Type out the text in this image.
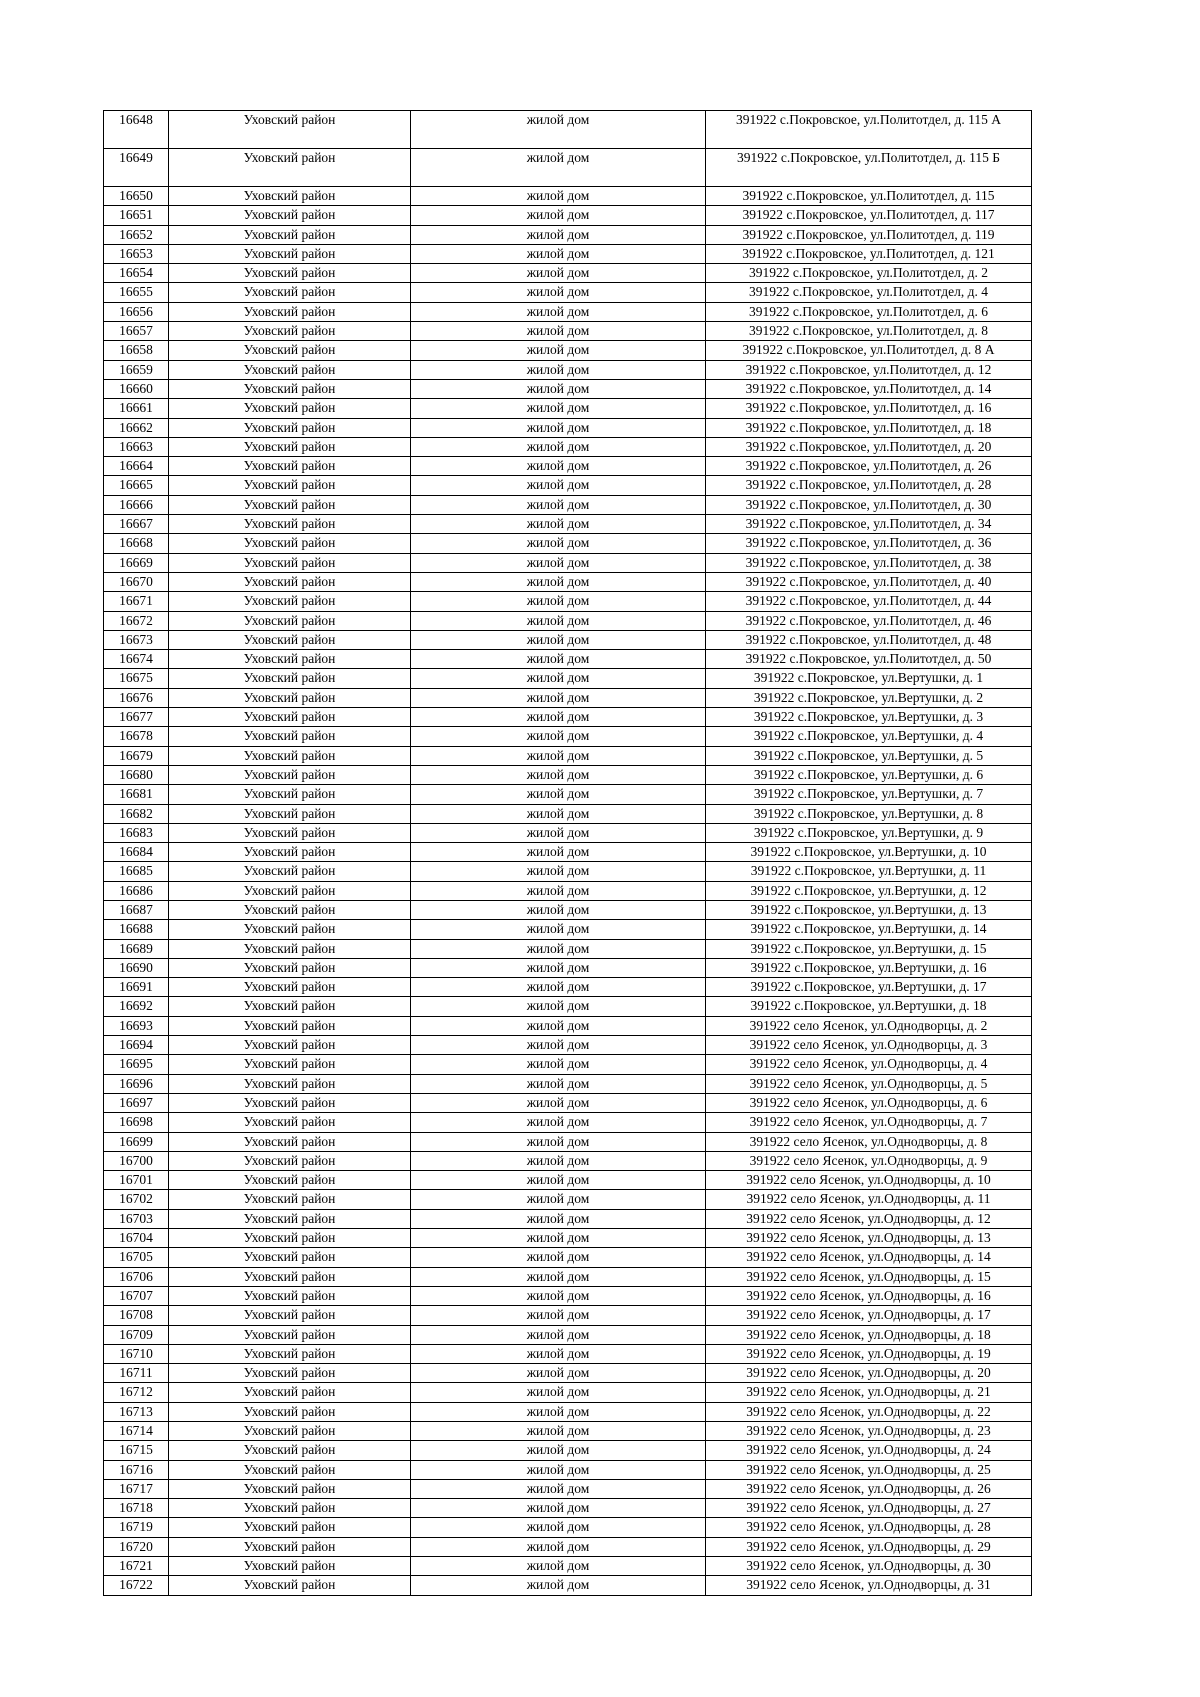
16648	Уховский район	жилой дом	391922 с.Покровское, ул.Политотдел, д. 115 А
16649	Уховский район	жилой дом	391922 с.Покровское, ул.Политотдел, д. 115 Б
16650	Уховский район	жилой дом	391922 с.Покровское, ул.Политотдел, д. 115
16651	Уховский район	жилой дом	391922 с.Покровское, ул.Политотдел, д. 117
16652	Уховский район	жилой дом	391922 с.Покровское, ул.Политотдел, д. 119
16653	Уховский район	жилой дом	391922 с.Покровское, ул.Политотдел, д. 121
16654	Уховский район	жилой дом	391922 с.Покровское, ул.Политотдел, д. 2
16655	Уховский район	жилой дом	391922 с.Покровское, ул.Политотдел, д. 4
16656	Уховский район	жилой дом	391922 с.Покровское, ул.Политотдел, д. 6
16657	Уховский район	жилой дом	391922 с.Покровское, ул.Политотдел, д. 8
16658	Уховский район	жилой дом	391922 с.Покровское, ул.Политотдел, д. 8 А
16659	Уховский район	жилой дом	391922 с.Покровское, ул.Политотдел, д. 12
16660	Уховский район	жилой дом	391922 с.Покровское, ул.Политотдел, д. 14
16661	Уховский район	жилой дом	391922 с.Покровское, ул.Политотдел, д. 16
16662	Уховский район	жилой дом	391922 с.Покровское, ул.Политотдел, д. 18
16663	Уховский район	жилой дом	391922 с.Покровское, ул.Политотдел, д. 20
16664	Уховский район	жилой дом	391922 с.Покровское, ул.Политотдел, д. 26
16665	Уховский район	жилой дом	391922 с.Покровское, ул.Политотдел, д. 28
16666	Уховский район	жилой дом	391922 с.Покровское, ул.Политотдел, д. 30
16667	Уховский район	жилой дом	391922 с.Покровское, ул.Политотдел, д. 34
16668	Уховский район	жилой дом	391922 с.Покровское, ул.Политотдел, д. 36
16669	Уховский район	жилой дом	391922 с.Покровское, ул.Политотдел, д. 38
16670	Уховский район	жилой дом	391922 с.Покровское, ул.Политотдел, д. 40
16671	Уховский район	жилой дом	391922 с.Покровское, ул.Политотдел, д. 44
16672	Уховский район	жилой дом	391922 с.Покровское, ул.Политотдел, д. 46
16673	Уховский район	жилой дом	391922 с.Покровское, ул.Политотдел, д. 48
16674	Уховский район	жилой дом	391922 с.Покровское, ул.Политотдел, д. 50
16675	Уховский район	жилой дом	391922 с.Покровское, ул.Вертушки, д. 1
16676	Уховский район	жилой дом	391922 с.Покровское, ул.Вертушки, д. 2
16677	Уховский район	жилой дом	391922 с.Покровское, ул.Вертушки, д. 3
16678	Уховский район	жилой дом	391922 с.Покровское, ул.Вертушки, д. 4
16679	Уховский район	жилой дом	391922 с.Покровское, ул.Вертушки, д. 5
16680	Уховский район	жилой дом	391922 с.Покровское, ул.Вертушки, д. 6
16681	Уховский район	жилой дом	391922 с.Покровское, ул.Вертушки, д. 7
16682	Уховский район	жилой дом	391922 с.Покровское, ул.Вертушки, д. 8
16683	Уховский район	жилой дом	391922 с.Покровское, ул.Вертушки, д. 9
16684	Уховский район	жилой дом	391922 с.Покровское, ул.Вертушки, д. 10
16685	Уховский район	жилой дом	391922 с.Покровское, ул.Вертушки, д. 11
16686	Уховский район	жилой дом	391922 с.Покровское, ул.Вертушки, д. 12
16687	Уховский район	жилой дом	391922 с.Покровское, ул.Вертушки, д. 13
16688	Уховский район	жилой дом	391922 с.Покровское, ул.Вертушки, д. 14
16689	Уховский район	жилой дом	391922 с.Покровское, ул.Вертушки, д. 15
16690	Уховский район	жилой дом	391922 с.Покровское, ул.Вертушки, д. 16
16691	Уховский район	жилой дом	391922 с.Покровское, ул.Вертушки, д. 17
16692	Уховский район	жилой дом	391922 с.Покровское, ул.Вертушки, д. 18
16693	Уховский район	жилой дом	391922 село Ясенок, ул.Однодворцы, д. 2
16694	Уховский район	жилой дом	391922 село Ясенок, ул.Однодворцы, д. 3
16695	Уховский район	жилой дом	391922 село Ясенок, ул.Однодворцы, д. 4
16696	Уховский район	жилой дом	391922 село Ясенок, ул.Однодворцы, д. 5
16697	Уховский район	жилой дом	391922 село Ясенок, ул.Однодворцы, д. 6
16698	Уховский район	жилой дом	391922 село Ясенок, ул.Однодворцы, д. 7
16699	Уховский район	жилой дом	391922 село Ясенок, ул.Однодворцы, д. 8
16700	Уховский район	жилой дом	391922 село Ясенок, ул.Однодворцы, д. 9
16701	Уховский район	жилой дом	391922 село Ясенок, ул.Однодворцы, д. 10
16702	Уховский район	жилой дом	391922 село Ясенок, ул.Однодворцы, д. 11
16703	Уховский район	жилой дом	391922 село Ясенок, ул.Однодворцы, д. 12
16704	Уховский район	жилой дом	391922 село Ясенок, ул.Однодворцы, д. 13
16705	Уховский район	жилой дом	391922 село Ясенок, ул.Однодворцы, д. 14
16706	Уховский район	жилой дом	391922 село Ясенок, ул.Однодворцы, д. 15
16707	Уховский район	жилой дом	391922 село Ясенок, ул.Однодворцы, д. 16
16708	Уховский район	жилой дом	391922 село Ясенок, ул.Однодворцы, д. 17
16709	Уховский район	жилой дом	391922 село Ясенок, ул.Однодворцы, д. 18
16710	Уховский район	жилой дом	391922 село Ясенок, ул.Однодворцы, д. 19
16711	Уховский район	жилой дом	391922 село Ясенок, ул.Однодворцы, д. 20
16712	Уховский район	жилой дом	391922 село Ясенок, ул.Однодворцы, д. 21
16713	Уховский район	жилой дом	391922 село Ясенок, ул.Однодворцы, д. 22
16714	Уховский район	жилой дом	391922 село Ясенок, ул.Однодворцы, д. 23
16715	Уховский район	жилой дом	391922 село Ясенок, ул.Однодворцы, д. 24
16716	Уховский район	жилой дом	391922 село Ясенок, ул.Однодворцы, д. 25
16717	Уховский район	жилой дом	391922 село Ясенок, ул.Однодворцы, д. 26
16718	Уховский район	жилой дом	391922 село Ясенок, ул.Однодворцы, д. 27
16719	Уховский район	жилой дом	391922 село Ясенок, ул.Однодворцы, д. 28
16720	Уховский район	жилой дом	391922 село Ясенок, ул.Однодворцы, д. 29
16721	Уховский район	жилой дом	391922 село Ясенок, ул.Однодворцы, д. 30
16722	Уховский район	жилой дом	391922 село Ясенок, ул.Однодворцы, д. 31
